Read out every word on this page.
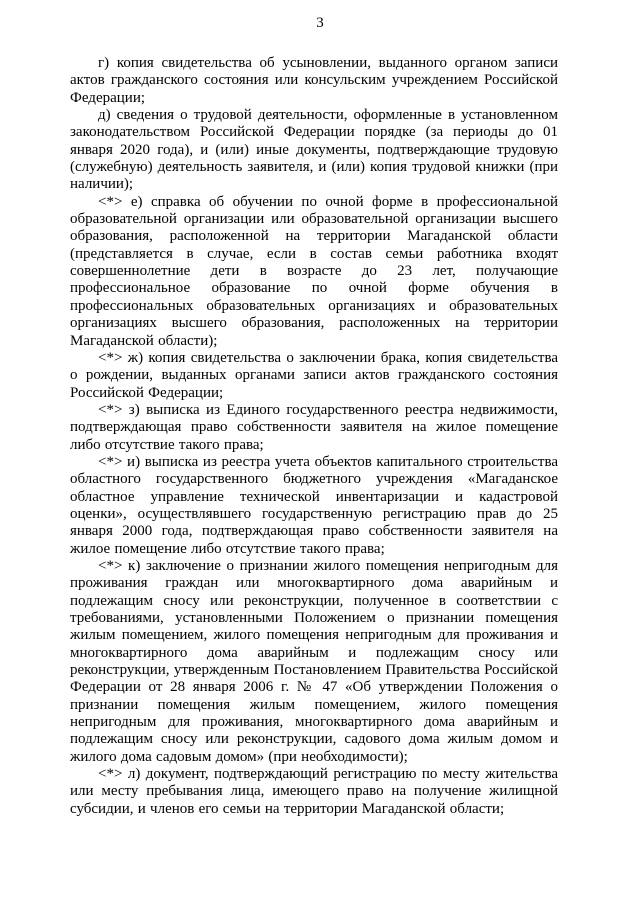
3

г) копия свидетельства об усыновлении, выданного органом записи актов гражданского состояния или консульским учреждением Российской Федерации;

д) сведения о трудовой деятельности, оформленные в установленном законодательством Российской Федерации порядке (за периоды до 01 января 2020 года), и (или) иные документы, подтверждающие трудовую (служебную) деятельность заявителя, и (или) копия трудовой книжки (при наличии);

<*> е) справка об обучении по очной форме в профессиональной образовательной организации или образовательной организации высшего образования, расположенной на территории Магаданской области (представляется в случае, если в состав семьи работника входят совершеннолетние дети в возрасте до 23 лет, получающие профессиональное образование по очной форме обучения в профессиональных образовательных организациях и образовательных организациях высшего образования, расположенных на территории Магаданской области);

<*> ж) копия свидетельства о заключении брака, копия свидетельства о рождении, выданных органами записи актов гражданского состояния Российской Федерации;

<*> з) выписка из Единого государственного реестра недвижимости, подтверждающая право собственности заявителя на жилое помещение либо отсутствие такого права;

<*> и) выписка из реестра учета объектов капитального строительства областного государственного бюджетного учреждения «Магаданское областное управление технической инвентаризации и кадастровой оценки», осуществлявшего государственную регистрацию прав до 25 января 2000 года, подтверждающая право собственности заявителя на жилое помещение либо отсутствие такого права;

<*> к) заключение о признании жилого помещения непригодным для проживания граждан или многоквартирного дома аварийным и подлежащим сносу или реконструкции, полученное в соответствии с требованиями, установленными Положением о признании помещения жилым помещением, жилого помещения непригодным для проживания и многоквартирного дома аварийным и подлежащим сносу или реконструкции, утвержденным Постановлением Правительства Российской Федерации от 28 января 2006 г. № 47 «Об утверждении Положения о признании помещения жилым помещением, жилого помещения непригодным для проживания, многоквартирного дома аварийным и подлежащим сносу или реконструкции, садового дома жилым домом и жилого дома садовым домом» (при необходимости);

<*> л) документ, подтверждающий регистрацию по месту жительства или месту пребывания лица, имеющего право на получение жилищной субсидии, и членов его семьи на территории Магаданской области;
